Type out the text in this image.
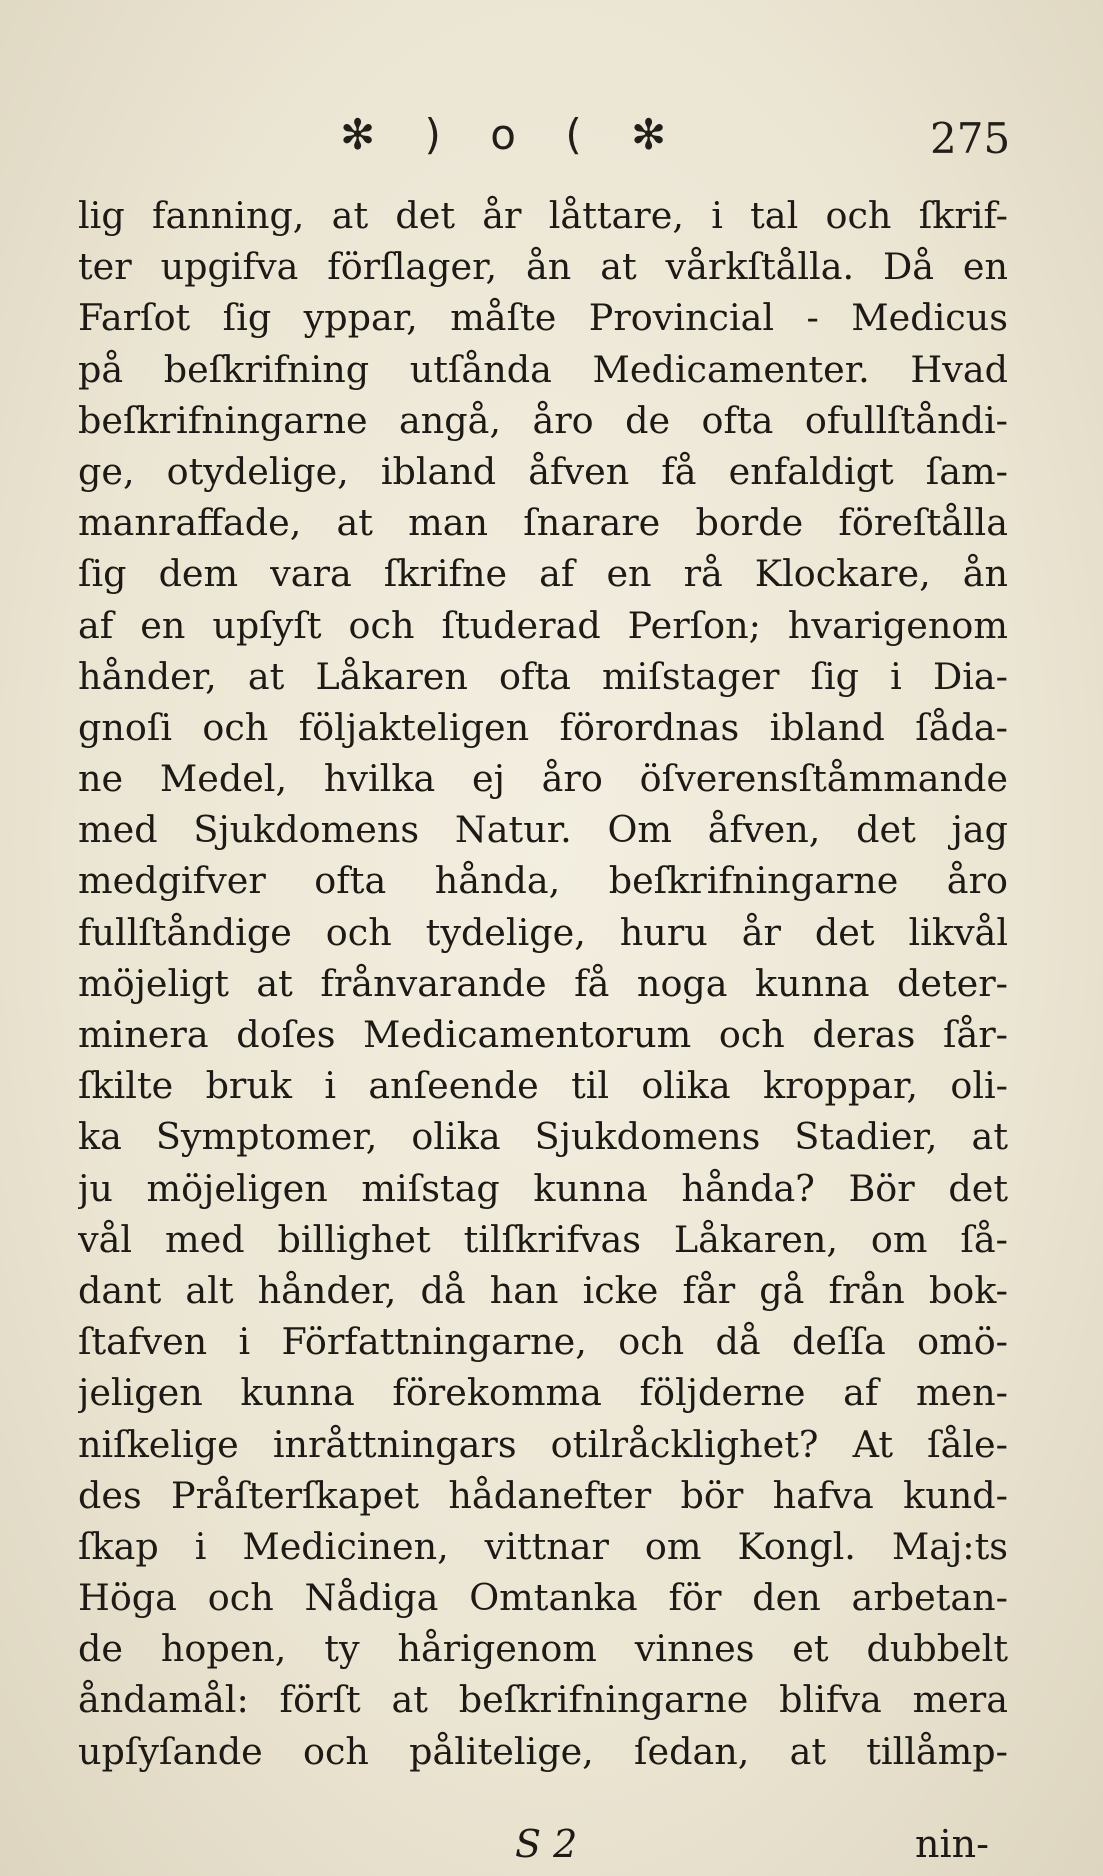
✻ ) o ( ✻	275
lig fanning, at det år låttare, i tal och ſkrif-
ter upgifva förſlager, ån at vårkſtålla. Då en
Farſot ſig yppar, måſte Provincial - Medicus
på beſkrifning utſånda Medicamenter. Hvad
beſkrifningarne angå, åro de ofta ofullſtåndi-
ge, otydelige, ibland åfven få enfaldigt ſam-
manraffade, at man ſnarare borde föreſtålla
ſig dem vara ſkrifne af en rå Klockare, ån
af en upſyſt och ſtuderad Perſon; hvarigenom
hånder, at Låkaren ofta miſstager ſig i Dia-
gnoſi och följakteligen förordnas ibland ſåda-
ne Medel, hvilka ej åro öſverensſtåmmande
med Sjukdomens Natur. Om åfven, det jag
medgifver ofta hånda, beſkrifningarne åro
fullſtåndige och tydelige, huru år det likvål
möjeligt at frånvarande få noga kunna deter-
minera doſes Medicamentorum och deras ſår-
ſkilte bruk i anſeende til olika kroppar, oli-
ka Symptomer, olika Sjukdomens Stadier, at
ju möjeligen miſstag kunna hånda? Bör det
vål med billighet tilſkrifvas Låkaren, om ſå-
dant alt hånder, då han icke får gå från bok-
ſtafven i Författningarne, och då deſſa omö-
jeligen kunna förekomma följderne af men-
niſkelige inråttningars otilråcklighet? At ſåle-
des Pråſterſkapet hådanefter bör hafva kund-
ſkap i Medicinen, vittnar om Kongl. Maj:ts
Höga och Nådiga Omtanka för den arbetan-
de hopen, ty hårigenom vinnes et dubbelt
åndamål: förſt at beſkrifningarne blifva mera
upſyſande och pålitelige, ſedan, at tillåmp-
S 2	nin-
